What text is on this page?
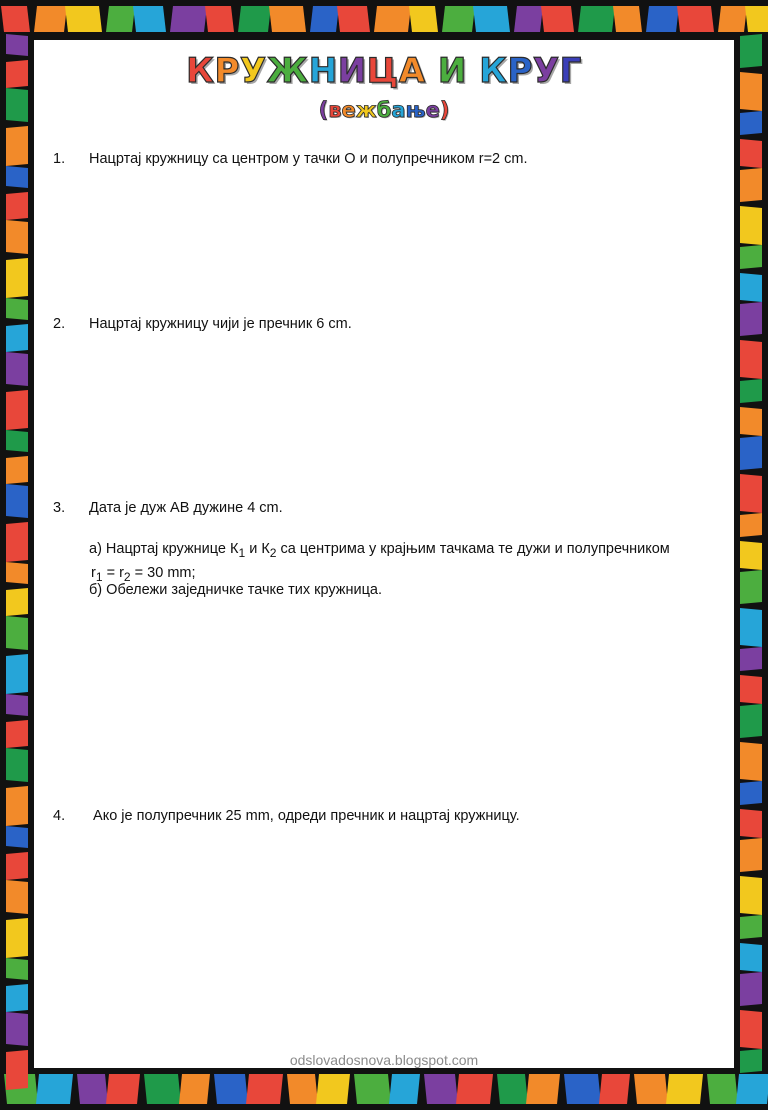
КРУЖНИЦА И КРУГ
(вежбање)
1. Нацртај кружницу са центром у тачки О и полупречником r=2 cm.
2. Нацртај кружницу чији је пречник 6 cm.
3. Дата је дуж АВ дужине 4 cm.
а) Нацртај кружнице $К_1$ и $К_2$ са центрима у крајњим тачкама те дужи и полупречником
$r_1 = r_2 = 30$ mm;
б) Обележи заједничке тачке тих кружница.
4. Ако је полупречник 25 mm, одреди пречник и нацртај кружницу.
odslovadosnova.blogspot.com
